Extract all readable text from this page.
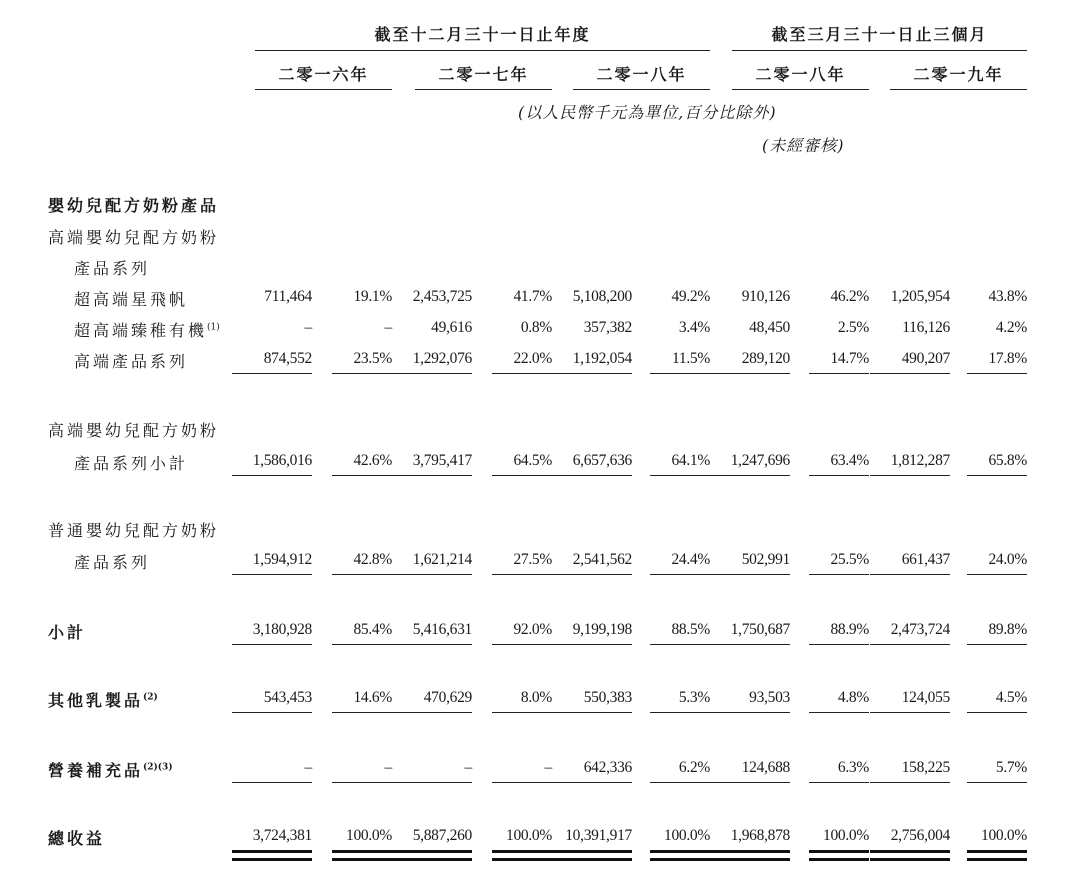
截至十二月三十一日止年度	截至三月三十一日止三個月
二零一六年	二零一七年	二零一八年	二零一八年	二零一九年
(以人民幣千元為單位,百分比除外)
(未經審核)
嬰幼兒配方奶粉產品
高端嬰幼兒配方奶粉
產品系列
超高端星飛帆	711,464	19.1%	2,453,725	41.7%	5,108,200	49.2%	910,126	46.2%	1,205,954	43.8%
超高端臻稚有機$^{(1)}$	–	–	49,616	0.8%	357,382	3.4%	48,450	2.5%	116,126	4.2%
高端產品系列	874,552	23.5%	1,292,076	22.0%	1,192,054	11.5%	289,120	14.7%	490,207	17.8%
高端嬰幼兒配方奶粉
產品系列小計	1,586,016	42.6%	3,795,417	64.5%	6,657,636	64.1%	1,247,696	63.4%	1,812,287	65.8%
普通嬰幼兒配方奶粉
產品系列	1,594,912	42.8%	1,621,214	27.5%	2,541,562	24.4%	502,991	25.5%	661,437	24.0%
小計	3,180,928	85.4%	5,416,631	92.0%	9,199,198	88.5%	1,750,687	88.9%	2,473,724	89.8%
其他乳製品$^{(2)}$	543,453	14.6%	470,629	8.0%	550,383	5.3%	93,503	4.8%	124,055	4.5%
營養補充品$^{(2)(3)}$	–	–	–	–	642,336	6.2%	124,688	6.3%	158,225	5.7%
總收益	3,724,381	100.0%	5,887,260	100.0% 10,391,917	100.0%	1,968,878	100.0%	2,756,004	100.0%
